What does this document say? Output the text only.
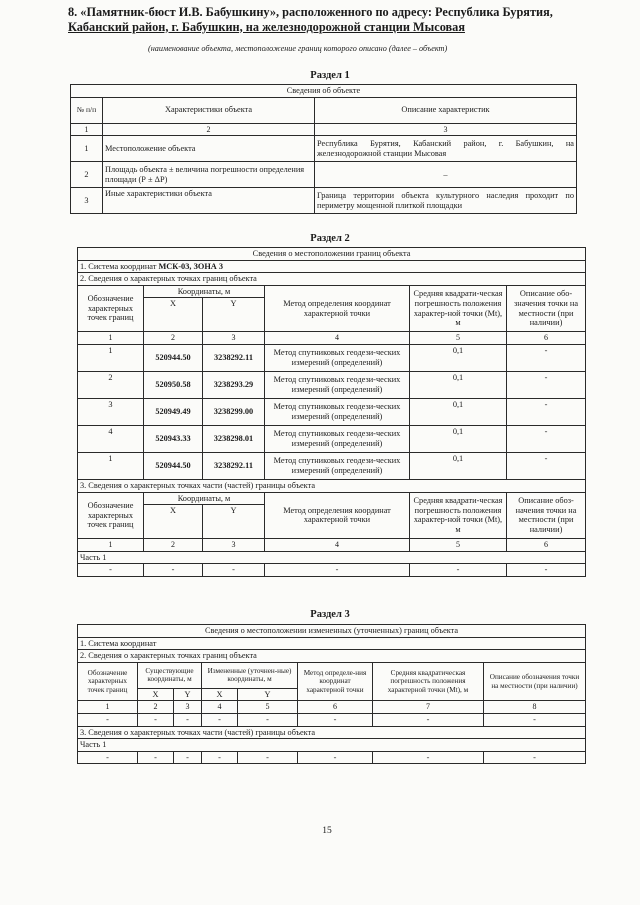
8. «Памятник-бюст И.В. Бабушкину», расположенного по адресу: Республика Бурятия,
Кабанский район, г. Бабушкин, на железнодорожной станции Мысовая
(наименование объекта, местоположение границ которого описано (далее – объект)
Раздел 1
Сведения об объекте		
№ п/п	Характеристики объекта	Описание характеристик
1	2	3
1	Местоположение объекта	Республика Бурятия, Кабанский район, г. Бабушкин, на железнодорожной станции Мысовая
2	Площадь объекта ± величина погрешности определения площади (Р ± ΔР)	–
3	Иные характеристики объекта	Граница территории объекта культурного наследия проходит по периметру мощенной плиткой площадки
Раздел 2
Сведения о местоположении границ объекта					
1. Система координат МСК-03, ЗОНА 3					
2. Сведения о характерных точках границ объекта					
Обозначение характерных точек границ	Координаты, м		Метод определения координат характерной точки	Средняя квадрати-ческая погрешность положения характер-ной точки (Mt), м	Описание обо-значения точки на местности (при наличии)
	X	Y			
1	2	3	4	5	6
1	520944.50	3238292.11	Метод спутниковых геодези-ческих измерений (определений)	0,1	-
2	520950.58	3238293.29	Метод спутниковых геодези-ческих измерений (определений)	0,1	-
3	520949.49	3238299.00	Метод спутниковых геодези-ческих измерений (определений)	0,1	-
4	520943.33	3238298.01	Метод спутниковых геодези-ческих измерений (определений)	0,1	-
1	520944.50	3238292.11	Метод спутниковых геодези-ческих измерений (определений)	0,1	-
3. Сведения о характерных точках части (частей) границы объекта					
Обозначение характерных точек границ	Координаты, м		Метод определения координат характерной точки	Средняя квадрати-ческая погрешность положения характер-ной точки (Mt), м	Описание обоз-начения точки на местности (при наличии)
	X	Y			
1	2	3	4	5	6
Часть 1					
-	-	-	-	-	-
Раздел 3
Сведения о местоположении измененных (уточненных) границ объекта							
1. Система координат							
2. Сведения о характерных точках границ объекта							
Обозначение характерных точек границ	Существующие координаты, м		Измененные (уточнен-ные) координаты, м		Метод определе-ния координат характерной точки	Средняя квадратическая погрешность положения характерной точки (Mt), м	Описание обозначения точки на местности (при наличии)
	X	Y	X	Y			
1	2	3	4	5	6	7	8
-	-	-	-	-	-	-	-
3. Сведения о характерных точках части (частей) границы объекта							
Часть 1							
-	-	-	-	-	-	-	-
15
